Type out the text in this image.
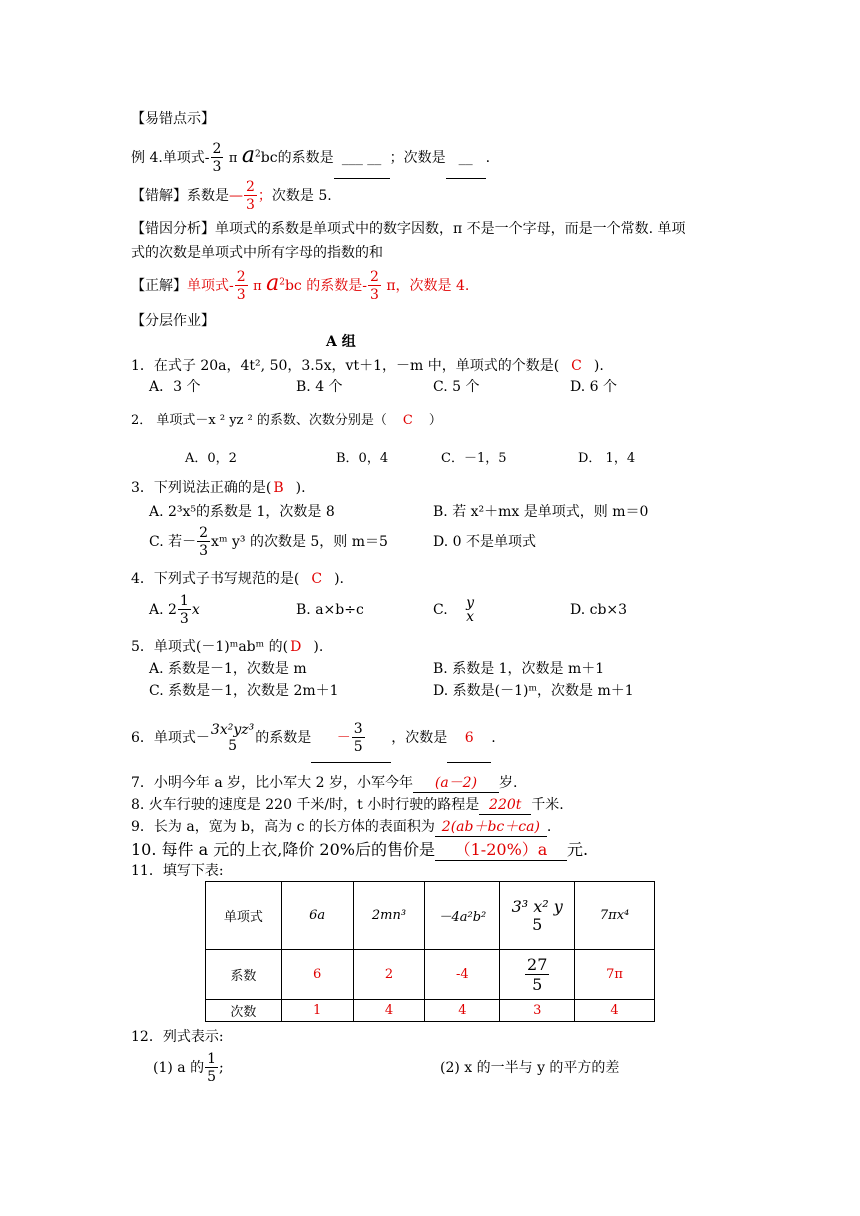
【易错点示】
例 4.单项式- $\frac{2}{3}$ π $a^2bc$的系数是 ___ __ ；次数是 __ .
【错解】系数是— $\frac{2}{3}$ ；次数是 5.
【错因分析】单项式的系数是单项式中的数字因数，π 不是一个字母，而是一个常数. 单项
式的次数是单项式中所有字母的指数的和
【正解】单项式- $\frac{2}{3}$ π $a^2bc$ 的系数是- $\frac{2}{3}$ π，次数是 4.
【分层作业】
A 组
1．在式子 20a，4t², 50，3.5x，vt＋1，－m 中，单项式的个数是( C ).
A．3 个	B. 4 个	C. 5 个	D. 6 个
2． 单项式－x ² yz ² 的系数、次数分别是（ C ）
A．0，2	B．0，4	C．－1，5	D． 1，4
3．下列说法正确的是( B ).
A. 2³x⁵的系数是 1，次数是 8	B. 若 x²＋mx 是单项式，则 m＝0
C. 若－ $\frac{2}{3}$ xᵐ y³ 的次数是 5，则 m＝5	D. 0 不是单项式
4．下列式子书写规范的是( C ).
A. $2 \frac{1}{3}$ x	B. a×b÷c	C. y
x	D. cb×3
5．单项式(－1)ᵐabᵐ 的( D ).
A. 系数是－1，次数是 m	B. 系数是 1，次数是 m＋1
C. 系数是－1，次数是 2m＋1	D. 系数是(－1)ᵐ，次数是 m＋1
6．单项式－ 3x²yz³
5 的系数是 － $\frac{3}{5}$ ，次数是 6 .
7．小明今年 a 岁，比小军大 2 岁，小军今年 (a－2) 岁.
8. 火车行驶的速度是 220 千米/时，t 小时行驶的路程是 220t 千米.
9．长为 a，宽为 b，高为 c 的长方体的表面积为 2(ab＋bc＋ca) .
10. 每件 a 元的上衣,降价 20%后的售价是 （1-20%）a 元.
11．填写下表:
单项式	6a	2mn³	－4a²b²	3³ x² y
5	7πx⁴
系数	6	2	-4	$\frac{27}{5}$	7π
次数	1	4	4	3	4
12．列式表示:
(1) a 的 $\frac{1}{5}$ ;	(2) x 的一半与 y 的平方的差
